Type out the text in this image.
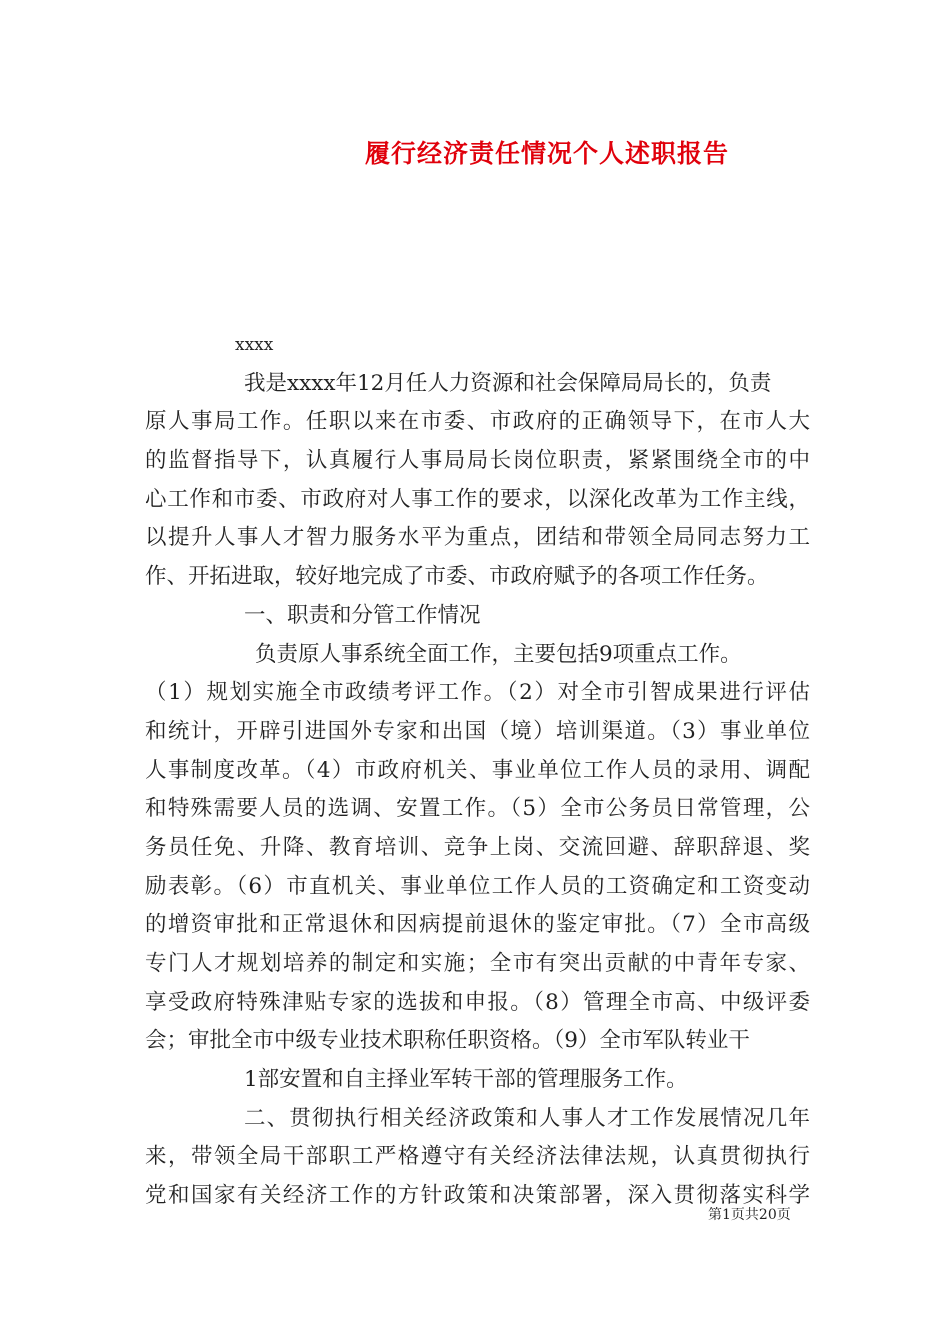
履行经济责任情况个人述职报告
xxxx
我是xxxx年12月任人力资源和社会保障局局长的，负责
原人事局工作。任职以来在市委、市政府的正确领导下，在市人大
的监督指导下，认真履行人事局局长岗位职责，紧紧围绕全市的中
心工作和市委、市政府对人事工作的要求，以深化改革为工作主线，
以提升人事人才智力服务水平为重点，团结和带领全局同志努力工
作、开拓进取，较好地完成了市委、市政府赋予的各项工作任务。
一、职责和分管工作情况
负责原人事系统全面工作，主要包括9项重点工作。
（1）规划实施全市政绩考评工作。（2）对全市引智成果进行评估
和统计，开辟引进国外专家和出国（境）培训渠道。（3）事业单位
人事制度改革。（4）市政府机关、事业单位工作人员的录用、调配
和特殊需要人员的选调、安置工作。（5）全市公务员日常管理，公
务员任免、升降、教育培训、竞争上岗、交流回避、辞职辞退、奖
励表彰。（6）市直机关、事业单位工作人员的工资确定和工资变动
的增资审批和正常退休和因病提前退休的鉴定审批。（7）全市高级
专门人才规划培养的制定和实施；全市有突出贡献的中青年专家、
享受政府特殊津贴专家的选拔和申报。（8）管理全市高、中级评委
会；审批全市中级专业技术职称任职资格。（9）全市军队转业干
1部安置和自主择业军转干部的管理服务工作。
二、贯彻执行相关经济政策和人事人才工作发展情况几年
来，带领全局干部职工严格遵守有关经济法律法规，认真贯彻执行
党和国家有关经济工作的方针政策和决策部署，深入贯彻落实科学
第1页共20页
